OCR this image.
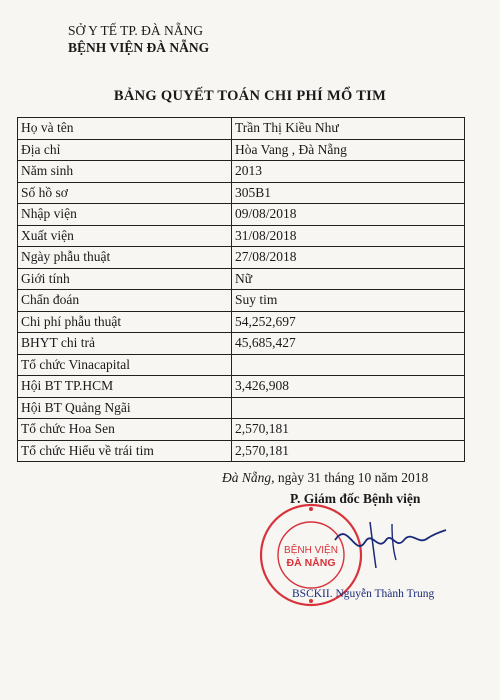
SỞ Y TẾ TP. ĐÀ NẴNG
BỆNH VIỆN ĐÀ NẴNG
BẢNG QUYẾT TOÁN CHI PHÍ MỔ TIM
Họ và tên	Trần Thị Kiều Như
Địa chỉ	Hòa Vang , Đà Nẵng
Năm sinh	2013
Số hồ sơ	305B1
Nhập viện	09/08/2018
Xuất viện	31/08/2018
Ngày phẫu thuật	27/08/2018
Giới tính	Nữ
Chẩn đoán	Suy tim
Chi phí phẫu thuật	54,252,697
BHYT chi trả	45,685,427
Tổ chức Vinacapital	
Hội BT TP.HCM	3,426,908
Hội BT Quảng Ngãi	
Tổ chức Hoa Sen	2,570,181
Tổ chức Hiểu về trái tim	2,570,181
Đà Nẵng, ngày 31 tháng 10 năm 2018
P. Giám đốc Bệnh viện
BỆNH VIỆN
ĐÀ NẴNG
BSCKII. Nguyễn Thành Trung
